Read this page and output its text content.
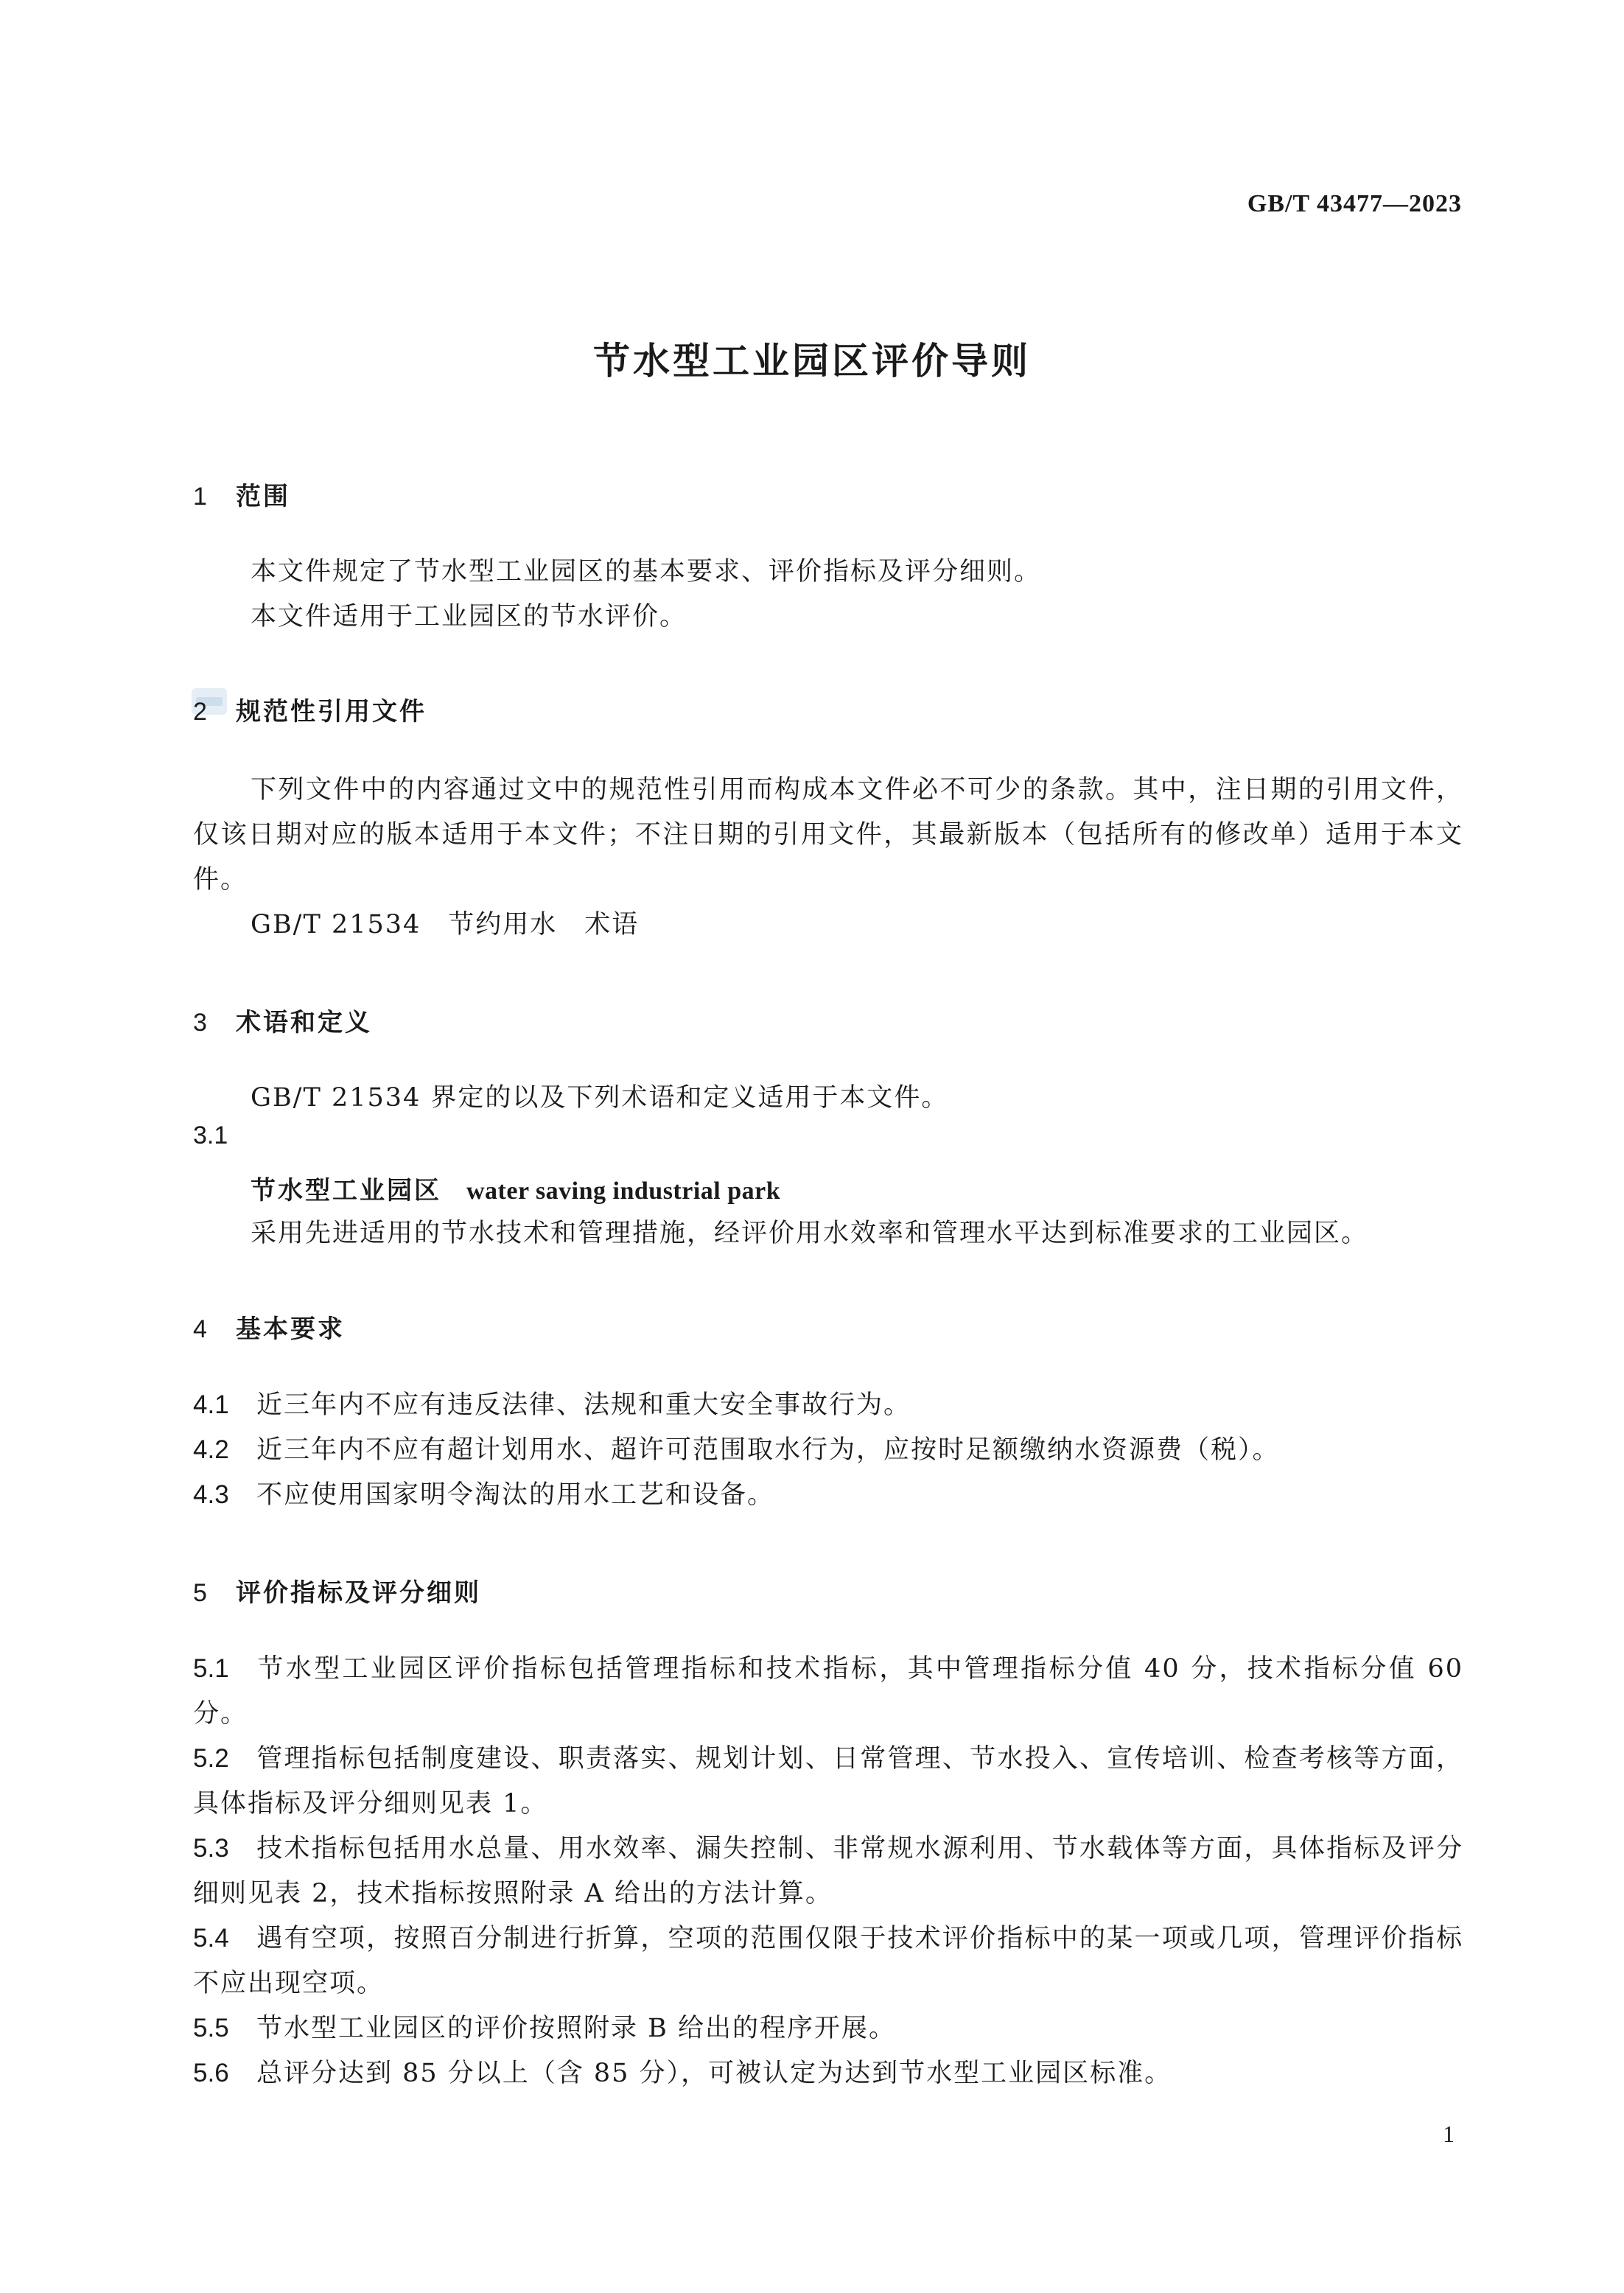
GB/T 43477—2023
节水型工业园区评价导则
1 范围
本文件规定了节水型工业园区的基本要求、评价指标及评分细则。
本文件适用于工业园区的节水评价。
2 规范性引用文件
下列文件中的内容通过文中的规范性引用而构成本文件必不可少的条款。其中，注日期的引用文件，仅该日期对应的版本适用于本文件；不注日期的引用文件，其最新版本（包括所有的修改单）适用于本文件。
GB/T 21534　节约用水　术语
3 术语和定义
GB/T 21534 界定的以及下列术语和定义适用于本文件。
3.1
节水型工业园区 water saving industrial park
采用先进适用的节水技术和管理措施，经评价用水效率和管理水平达到标准要求的工业园区。
4 基本要求
4.1 近三年内不应有违反法律、法规和重大安全事故行为。
4.2 近三年内不应有超计划用水、超许可范围取水行为，应按时足额缴纳水资源费（税）。
4.3 不应使用国家明令淘汰的用水工艺和设备。
5 评价指标及评分细则
5.1 节水型工业园区评价指标包括管理指标和技术指标，其中管理指标分值 40 分，技术指标分值 60 分。
5.2 管理指标包括制度建设、职责落实、规划计划、日常管理、节水投入、宣传培训、检查考核等方面，具体指标及评分细则见表 1。
5.3 技术指标包括用水总量、用水效率、漏失控制、非常规水源利用、节水载体等方面，具体指标及评分细则见表 2，技术指标按照附录 A 给出的方法计算。
5.4 遇有空项，按照百分制进行折算，空项的范围仅限于技术评价指标中的某一项或几项，管理评价指标不应出现空项。
5.5 节水型工业园区的评价按照附录 B 给出的程序开展。
5.6 总评分达到 85 分以上（含 85 分），可被认定为达到节水型工业园区标准。
1
